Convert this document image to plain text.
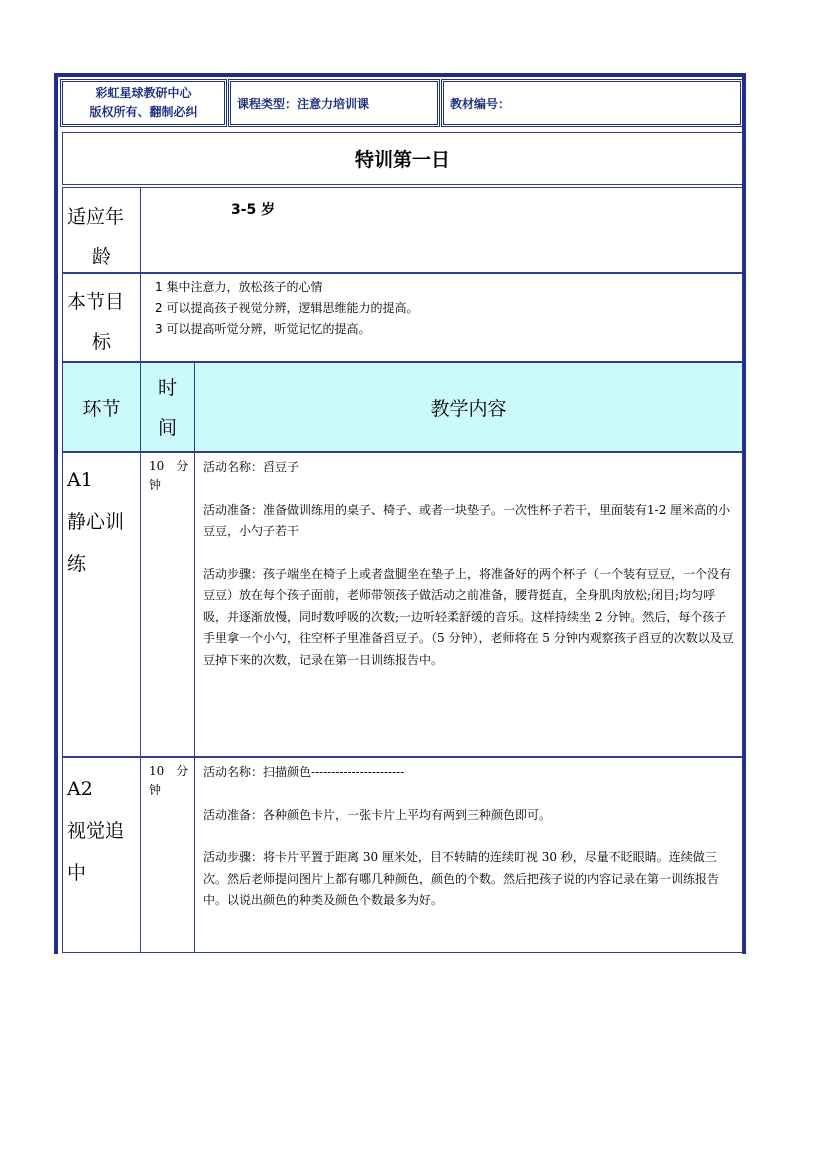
彩虹星球教研中心
版权所有、翻制必纠
课程类型：注意力培训课	教材编号：
特训第一日
适应年
龄
3-5 岁
本节目
标
1 集中注意力，放松孩子的心情
2 可以提高孩子视觉分辨，逻辑思维能力的提高。
3 可以提高听觉分辨，听觉记忆的提高。
环节
时
间
教学内容
A1
静心训
练
10　分
钟
活动名称：舀豆子
活动准备：准备做训练用的桌子、椅子、或者一块垫子。一次性杯子若干，里面装有1-2 厘米高的小豆豆，小勺子若干
活动步骤：孩子端坐在椅子上或者盘腿坐在垫子上，将准备好的两个杯子（一个装有豆豆，一个没有豆豆）放在每个孩子面前，老师带领孩子做活动之前准备，腰背挺直，全身肌肉放松;闭目;均匀呼吸，并逐渐放慢，同时数呼吸的次数;一边听轻柔舒缓的音乐。这样持续坐 2 分钟。然后，每个孩子手里拿一个小勺，往空杯子里准备舀豆子。（5 分钟），老师将在 5 分钟内观察孩子舀豆的次数以及豆豆掉下来的次数，记录在第一日训练报告中。
A2
视觉追
中
10　分
钟
活动名称：扫描颜色-----------------------
活动准备：各种颜色卡片，一张卡片上平均有两到三种颜色即可。
活动步骤：将卡片平置于距离 30 厘米处，目不转睛的连续盯视 30 秒，尽量不眨眼睛。连续做三次。然后老师提问图片上都有哪几种颜色，颜色的个数。然后把孩子说的内容记录在第一训练报告中。以说出颜色的种类及颜色个数最多为好。
